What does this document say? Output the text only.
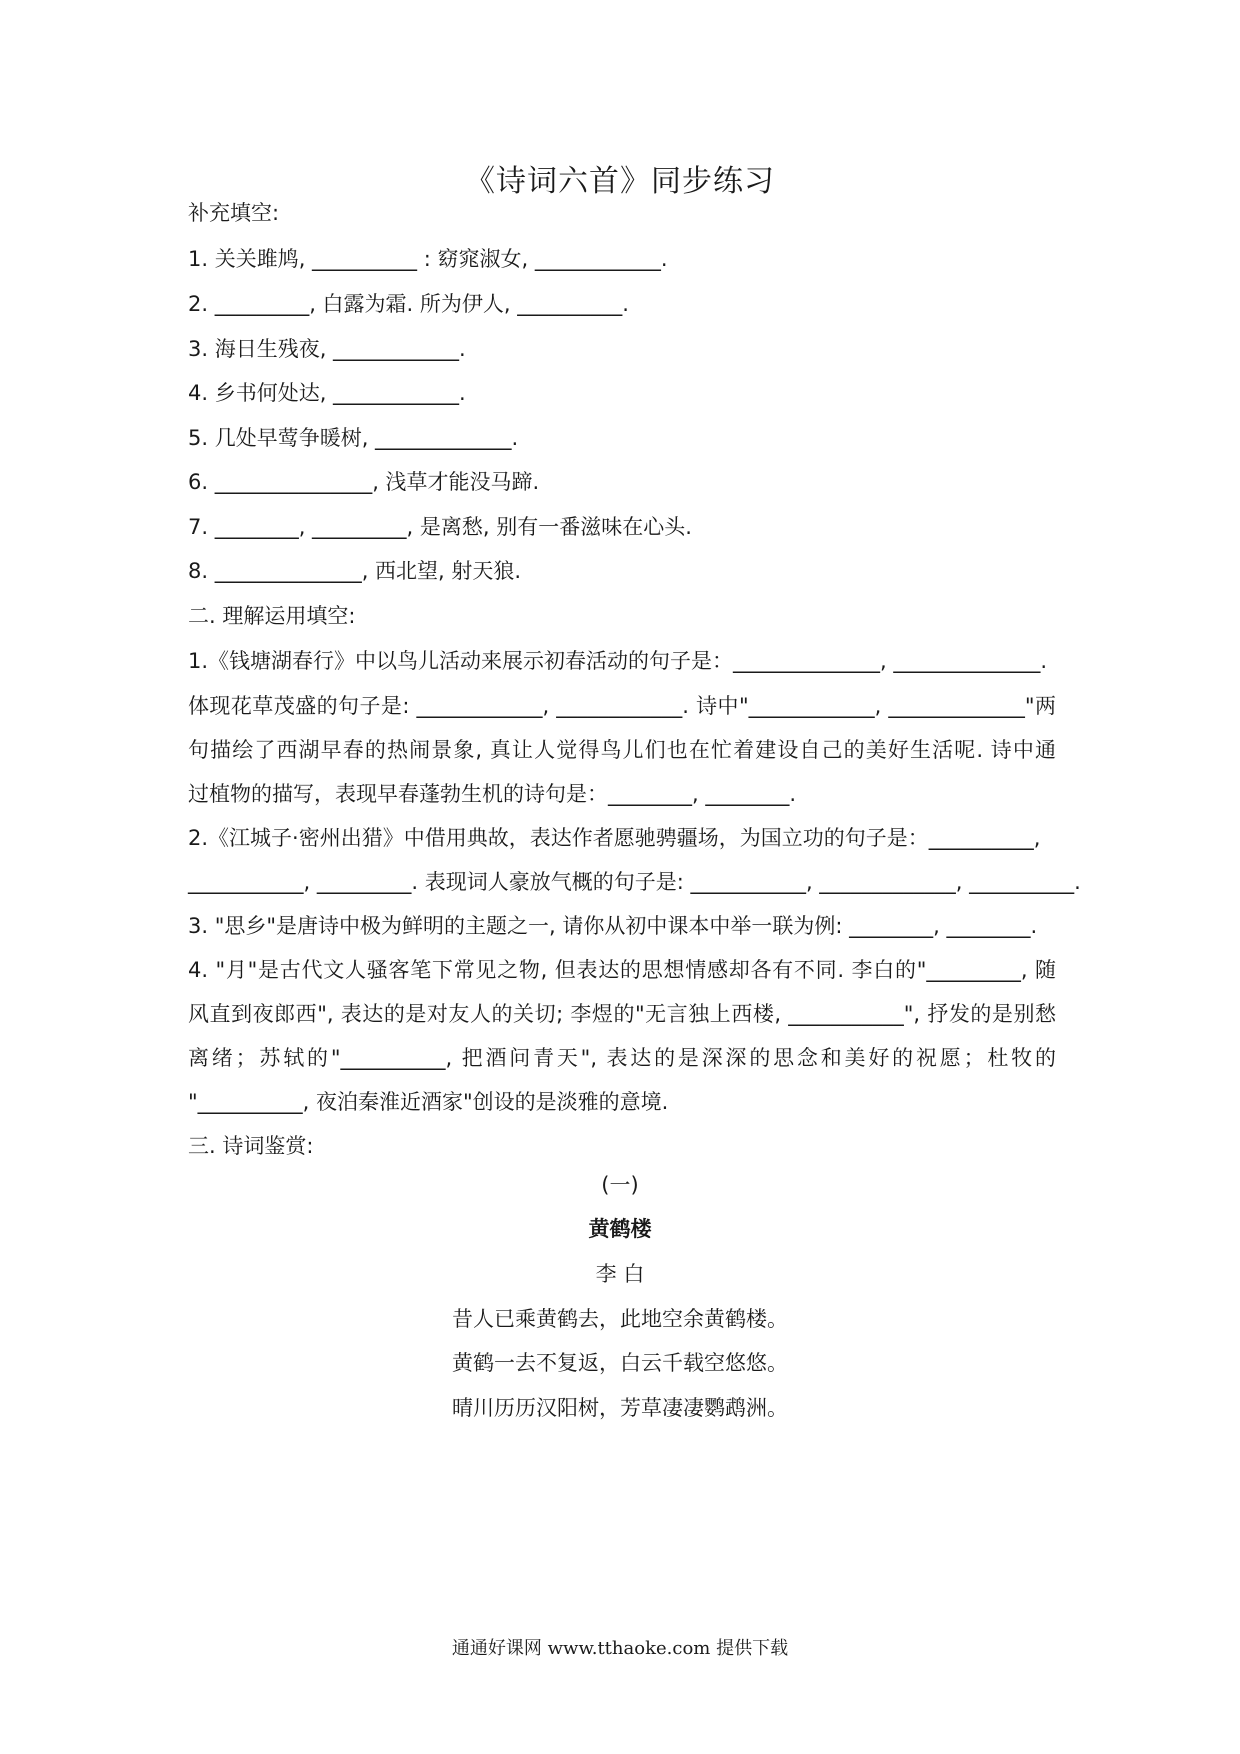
《诗词六首》同步练习
补充填空:
1. 关关雎鸠, __________ : 窈窕淑女, ____________.
2. _________, 白露为霜. 所为伊人, __________.
3. 海日生残夜, ____________.
4. 乡书何处达, ____________.
5. 几处早莺争暖树, _____________.
6. _______________, 浅草才能没马蹄.
7. ________, _________, 是离愁, 别有一番滋味在心头.
8. ______________, 西北望, 射天狼.
二. 理解运用填空:
1.《钱塘湖春行》中以鸟儿活动来展示初春活动的句子是：______________, ______________.
体现花草茂盛的句子是: ____________, ____________. 诗中"____________, _____________"两
句描绘了西湖早春的热闹景象, 真让人觉得鸟儿们也在忙着建设自己的美好生活呢. 诗中通
过植物的描写，表现早春蓬勃生机的诗句是：________, ________.
2.《江城子·密州出猎》中借用典故，表达作者愿驰骋疆场，为国立功的句子是：__________,
___________, _________. 表现词人豪放气概的句子是: ___________, _____________, __________.
3. "思乡"是唐诗中极为鲜明的主题之一, 请你从初中课本中举一联为例: ________, ________.
4. "月"是古代文人骚客笔下常见之物, 但表达的思想情感却各有不同. 李白的"_________, 随
风直到夜郎西", 表达的是对友人的关切; 李煜的"无言独上西楼, ___________", 抒发的是别愁
离绪；苏轼的"__________, 把酒问青天", 表达的是深深的思念和美好的祝愿；杜牧的
"__________, 夜泊秦淮近酒家"创设的是淡雅的意境.
三. 诗词鉴赏:
(一)
黄鹤楼
李 白
昔人已乘黄鹤去，此地空余黄鹤楼。
黄鹤一去不复返，白云千载空悠悠。
晴川历历汉阳树，芳草凄凄鹦鹉洲。
通通好课网 www.tthaoke.com 提供下载
